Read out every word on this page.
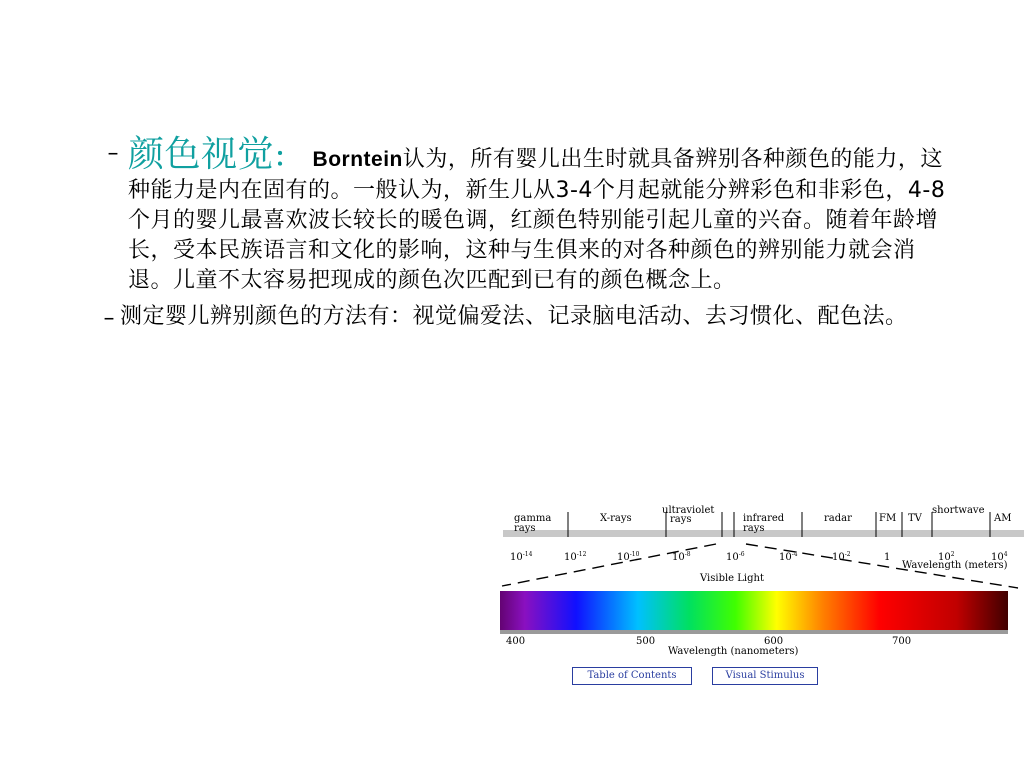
– 颜色视觉： Borntein认为，所有婴儿出生时就具备辨别各种颜色的能力，这种能力是内在固有的。一般认为，新生儿从3-4个月起就能分辨彩色和非彩色，4-8个月的婴儿最喜欢波长较长的暖色调，红颜色特别能引起儿童的兴奋。随着年龄增长，受本民族语言和文化的影响，这种与生俱来的对各种颜色的辨别能力就会消退。儿童不太容易把现成的颜色次匹配到已有的颜色概念上。
– 测定婴儿辨别颜色的方法有：视觉偏爱法、记录脑电活动、去习惯化、配色法。
gamma
rays
X-rays
ultraviolet
rays	infrared
rays
radar	FM TV
shortwave
AM
$10^{-14}$	$10^{-12}$	$10^{-10}$	$10^{-8}$	$10^{-6}$	$10^{-4}$	$10^{-2}$	1	$10^2$	$10^4$
Wavelength (meters)
Visible Light
400	500	600	700
Wavelength (nanometers)
Table of Contents	Visual Stimulus
